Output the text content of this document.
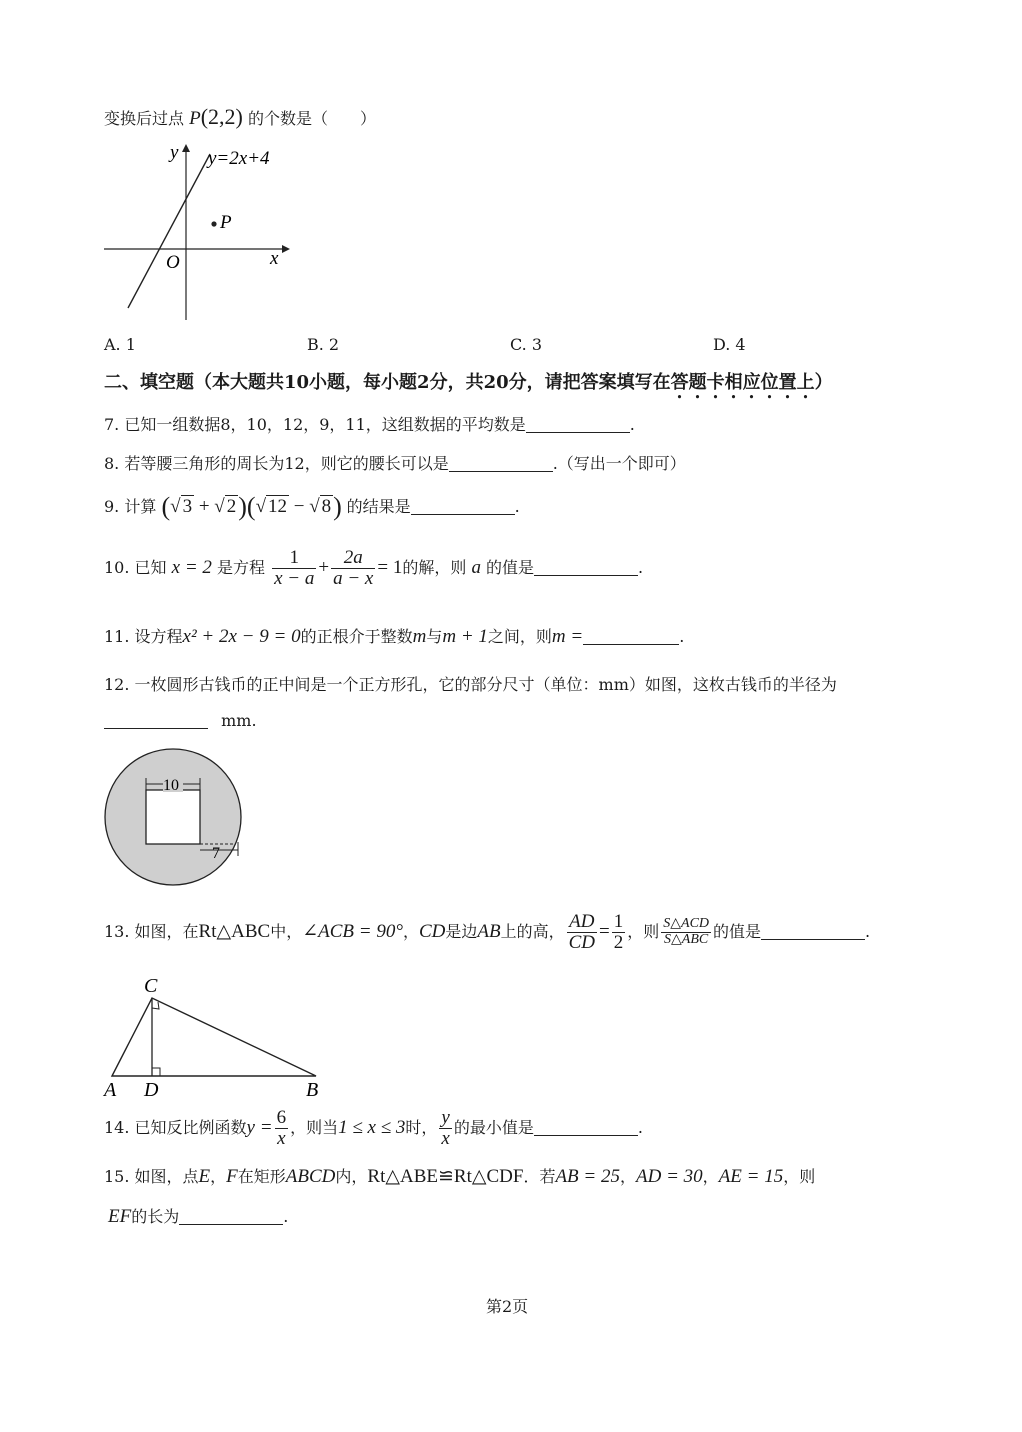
变换后过点 P(2,2) 的个数是（　　）
y
x
O
y=2x+4
P
A. 1	B. 2	C. 3	D. 4
二、填空题（本大题共10小题，每小题2分，共20分，请把答案填写在答题卡相应位置上）
7. 已知一组数据8，10，12，9，11，这组数据的平均数是	.
8. 若等腰三角形的周长为12，则它的腰长可以是	.（写出一个即可）
9. 计算 (√ 3 + √ 2)(√ 12 − √ 8) 的结果是	.
10. 已知 x = 2 是方程 $\frac{1}{x - a} + \frac{2a}{a - x} = 1$的解，则 a 的值是	.
11. 设方程x² + 2x − 9 = 0的正根介于整数m与m + 1之间，则m =	.
12. 一枚圆形古钱币的正中间是一个正方形孔，它的部分尺寸（单位：mm）如图，这枚古钱币的半径为
mm.
10
7
13. 如图，在Rt△ABC中，∠ACB = 90°，CD是边AB上的高， $\frac{AD}{CD} = \frac{1}{2}$ ，则 $\frac{\text{S△ACD}}{\text{S△ABC}}$ 的值是	.
C
A D	B
14. 已知反比例函数$y = \frac{6}{x}$ ，则当1 ≤ x ≤ 3时， $\frac{y}{x}$ 的最小值是	.
15. 如图，点E，F在矩形ABCD内，Rt△ABE≌Rt△CDF．若AB = 25，AD = 30，AE = 15，则
EF的长为	.
第2页
